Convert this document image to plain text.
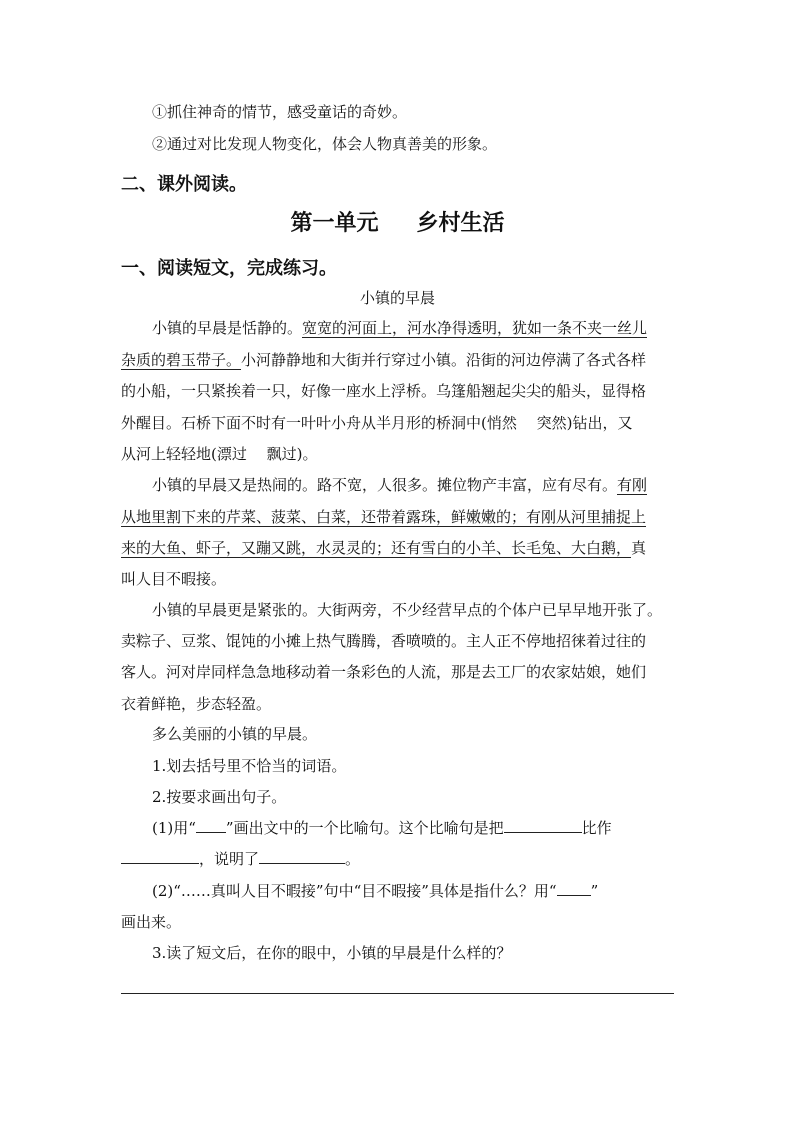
①抓住神奇的情节，感受童话的奇妙。
②通过对比发现人物变化，体会人物真善美的形象。
二、课外阅读。
第一单元 乡村生活
一、阅读短文，完成练习。
小镇的早晨
小镇的早晨是恬静的。宽宽的河面上，河水净得透明，犹如一条不夹一丝儿
杂质的碧玉带子。小河静静地和大街并行穿过小镇。沿街的河边停满了各式各样
的小船，一只紧挨着一只，好像一座水上浮桥。乌篷船翘起尖尖的船头，显得格
外醒目。石桥下面不时有一叶叶小舟从半月形的桥洞中(悄然　 突然)钻出，又
从河上轻轻地(漂过　 飘过)。
小镇的早晨又是热闹的。路不宽，人很多。摊位物产丰富，应有尽有。有刚
从地里割下来的芹菜、菠菜、白菜，还带着露珠，鲜嫩嫩的；有刚从河里捕捉上
来的大鱼、虾子，又蹦又跳，水灵灵的；还有雪白的小羊、长毛兔、大白鹅，真
叫人目不暇接。
小镇的早晨更是紧张的。大街两旁，不少经营早点的个体户已早早地开张了。
卖粽子、豆浆、馄饨的小摊上热气腾腾，香喷喷的。主人正不停地招徕着过往的
客人。河对岸同样急急地移动着一条彩色的人流，那是去工厂的农家姑娘，她们
衣着鲜艳，步态轻盈。
多么美丽的小镇的早晨。
1.划去括号里不恰当的词语。
2.按要求画出句子。
(1)用“ ”画出文中的一个比喻句。这个比喻句是把	比作
，说明了	。
(2)“……真叫人目不暇接”句中“目不暇接”具体是指什么？用“ ”
画出来。
3.读了短文后，在你的眼中，小镇的早晨是什么样的？
